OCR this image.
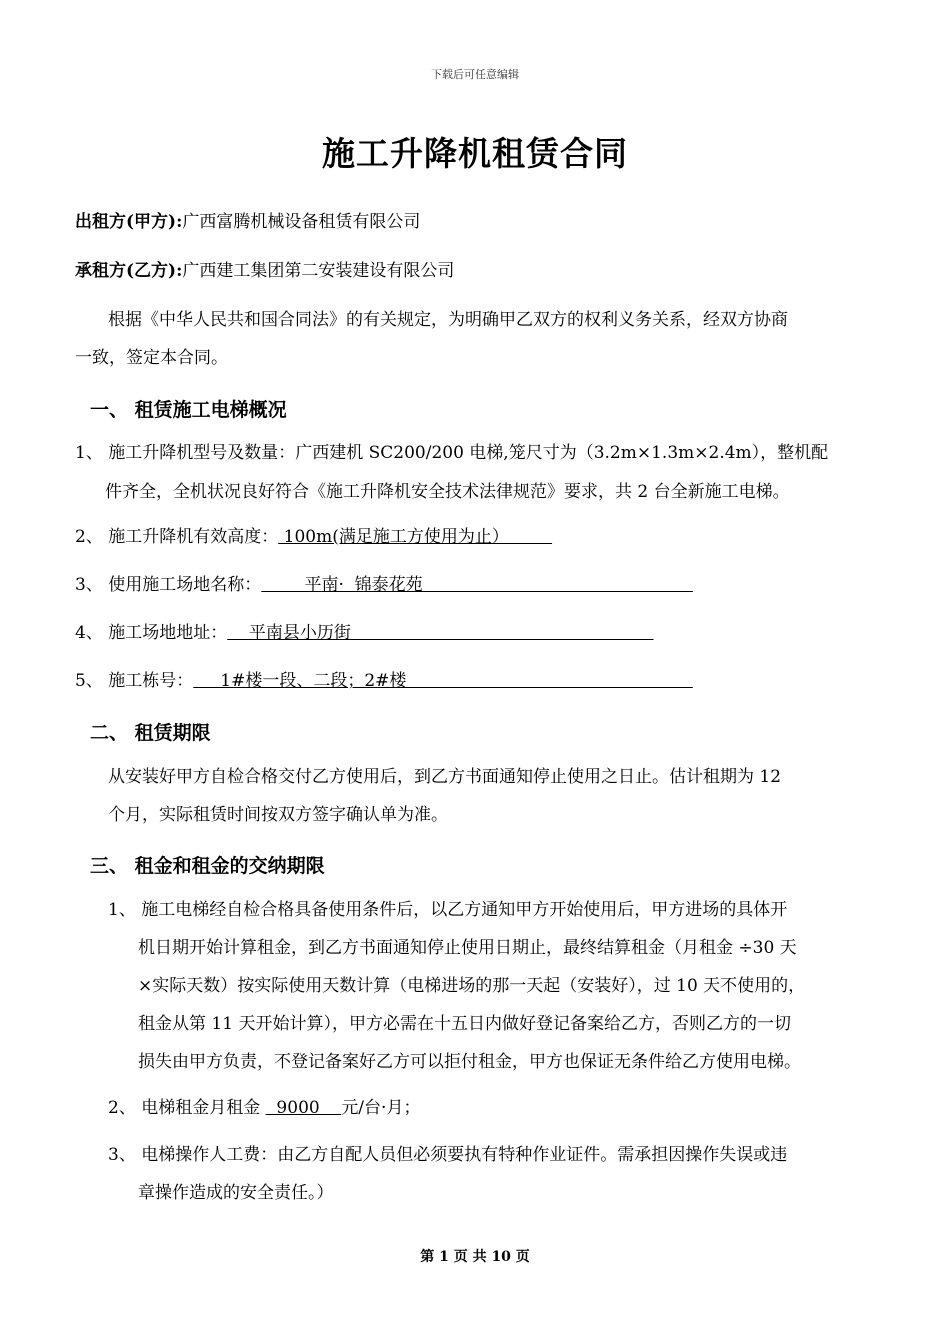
下载后可任意编辑
施工升降机租赁合同
出租方(甲方):广西富腾机械设备租赁有限公司
承租方(乙方):广西建工集团第二安装建设有限公司
根据《中华人民共和国合同法》的有关规定，为明确甲乙双方的权利义务关系，经双方协商
一致，签定本合同。
一、 租赁施工电梯概况
1、 施工升降机型号及数量：广西建机 SC200/200 电梯,笼尺寸为（3.2m×1.3m×2.4m），整机配
件齐全，全机状况良好符合《施工升降机安全技术法律规范》要求，共 2 台全新施工电梯。
2、 施工升降机有效高度： 100m(满足施工方使用为止）
3、 使用施工场地名称：        平南·  锦泰花苑
4、 施工场地地址：    平南县小历街
5、 施工栋号：     1#楼一段、二段；2#楼
二、 租赁期限
从安装好甲方自检合格交付乙方使用后，到乙方书面通知停止使用之日止。估计租期为 12
个月，实际租赁时间按双方签字确认单为准。
三、 租金和租金的交纳期限
1、 施工电梯经自检合格具备使用条件后，以乙方通知甲方开始使用后，甲方进场的具体开
机日期开始计算租金，到乙方书面通知停止使用日期止，最终结算租金（月租金 ÷30 天
×实际天数）按实际使用天数计算（电梯进场的那一天起（安装好），过 10 天不使用的，
租金从第 11 天开始计算），甲方必需在十五日内做好登记备案给乙方，否则乙方的一切
损失由甲方负责，不登记备案好乙方可以拒付租金，甲方也保证无条件给乙方使用电梯。
2、 电梯租金月租金   9000    元/台·月；
3、 电梯操作人工费：由乙方自配人员但必须要执有特种作业证件。需承担因操作失误或违
章操作造成的安全责任。）
第 1 页 共 10 页
